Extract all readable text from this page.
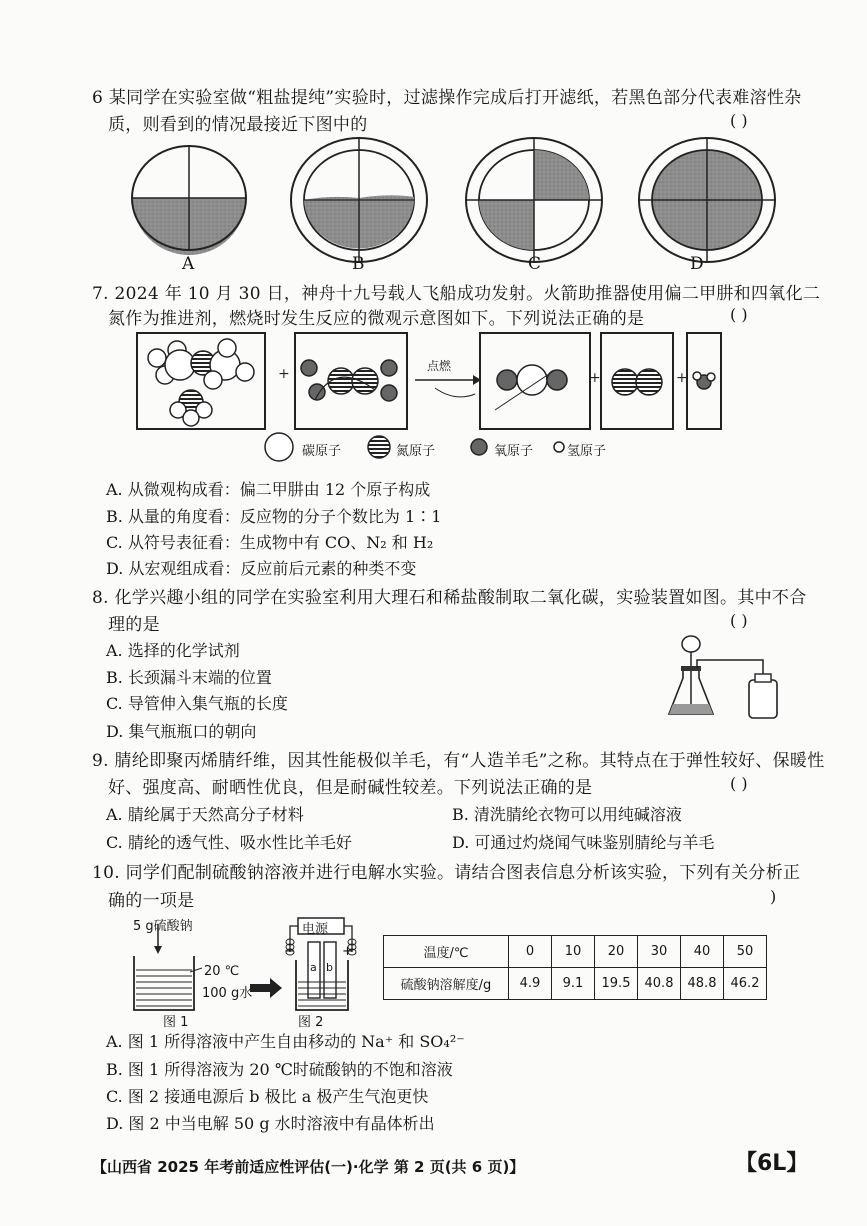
6 某同学在实验室做“粗盐提纯”实验时，过滤操作完成后打开滤纸，若黑色部分代表难溶性杂
质，则看到的情况最接近下图中的	( )
A	B	C	D
7. 2024 年 10 月 30 日，神舟十九号载人飞船成功发射。火箭助推器使用偏二甲肼和四氧化二
氮作为推进剂，燃烧时发生反应的微观示意图如下。下列说法正确的是	( )
+	点燃
+	+
碳原子	氮原子	氧原子	氢原子
A. 从微观构成看：偏二甲肼由 12 个原子构成
B. 从量的角度看：反应物的分子个数比为 1∶1
C. 从符号表征看：生成物中有 CO、N₂ 和 H₂
D. 从宏观组成看：反应前后元素的种类不变
8. 化学兴趣小组的同学在实验室利用大理石和稀盐酸制取二氧化碳，实验装置如图。其中不合
理的是	( )
A. 选择的化学试剂
B. 长颈漏斗末端的位置
C. 导管伸入集气瓶的长度
D. 集气瓶瓶口的朝向
9. 腈纶即聚丙烯腈纤维，因其性能极似羊毛，有“人造羊毛”之称。其特点在于弹性较好、保暖性
好、强度高、耐晒性优良，但是耐碱性较差。下列说法正确的是	( )
A. 腈纶属于天然高分子材料	B. 清洗腈纶衣物可以用纯碱溶液
C. 腈纶的透气性、吸水性比羊毛好	D. 可通过灼烧闻气味鉴别腈纶与羊毛
10. 同学们配制硫酸钠溶液并进行电解水实验。请结合图表信息分析该实验，下列有关分析正
确的一项是	)
5 g硫酸钠
20 ℃
100 g水
图 1
电源
a b
−	+
图 2
温度/℃	0	10	20	30	40	50
硫酸钠溶解度/g	4.9	9.1	19.5	40.8	48.8	46.2
A. 图 1 所得溶液中产生自由移动的 Na⁺ 和 SO₄²⁻
B. 图 1 所得溶液为 20 ℃时硫酸钠的不饱和溶液
C. 图 2 接通电源后 b 极比 a 极产生气泡更快
D. 图 2 中当电解 50 g 水时溶液中有晶体析出
【山西省 2025 年考前适应性评估(一)·化学 第 2 页(共 6 页)】	【6L】
